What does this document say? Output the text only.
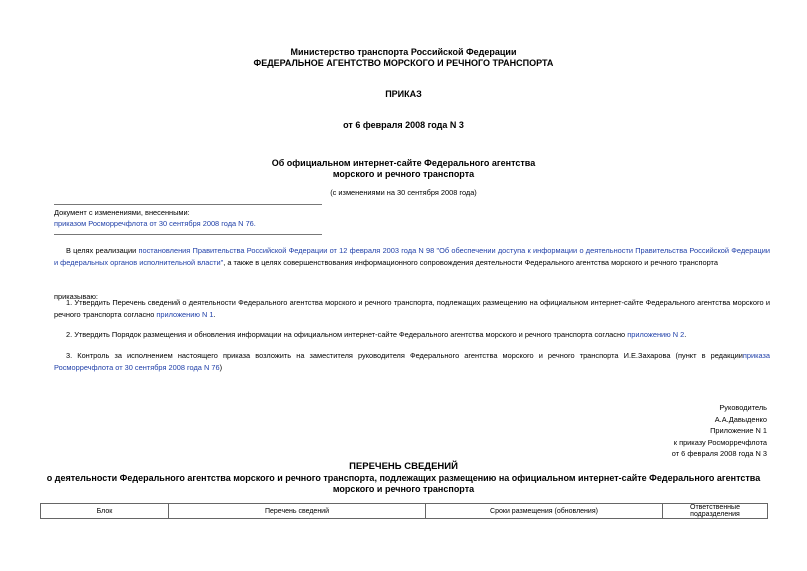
Министерство транспорта Российской Федерации
ФЕДЕРАЛЬНОЕ АГЕНТСТВО МОРСКОГО И РЕЧНОГО ТРАНСПОРТА
ПРИКАЗ
от 6 февраля 2008 года N 3
Об официальном интернет-сайте Федерального агентства
морского и речного транспорта
(с изменениями на 30 сентября 2008 года)
Документ с изменениями, внесенными:
приказом Росморречфлота от 30 сентября 2008 года N 76.
В целях реализации постановления Правительства Российской Федерации от 12 февраля 2003 года N 98 "Об обеспечении доступа к информации о деятельности Правительства Российской Федерации и федеральных органов исполнительной власти", а также в целях совершенствования информационного сопровождения деятельности Федерального агентства морского и речного транспорта
приказываю:
1. Утвердить Перечень сведений о деятельности Федерального агентства морского и речного транспорта, подлежащих размещению на официальном интернет-сайте Федерального агентства морского и речного транспорта согласно приложению N 1.
2. Утвердить Порядок размещения и обновления информации на официальном интернет-сайте Федерального агентства морского и речного транспорта согласно приложению N 2.
3. Контроль за исполнением настоящего приказа возложить на заместителя руководителя Федерального агентства морского и речного транспорта И.Е.Захарова (пункт в редакцииприказа Росморречфлота от 30 сентября 2008 года N 76)
Руководитель
А.А.Давыденко
Приложение N 1
к приказу Росморречфлота
от 6 февраля 2008 года N 3
ПЕРЕЧЕНЬ СВЕДЕНИЙ
о деятельности Федерального агентства морского и речного транспорта, подлежащих размещению на официальном интернет-сайте Федерального агентства
морского и речного транспорта
Блок	Перечень сведений	Сроки размещения (обновления)	Ответственные подразделения
